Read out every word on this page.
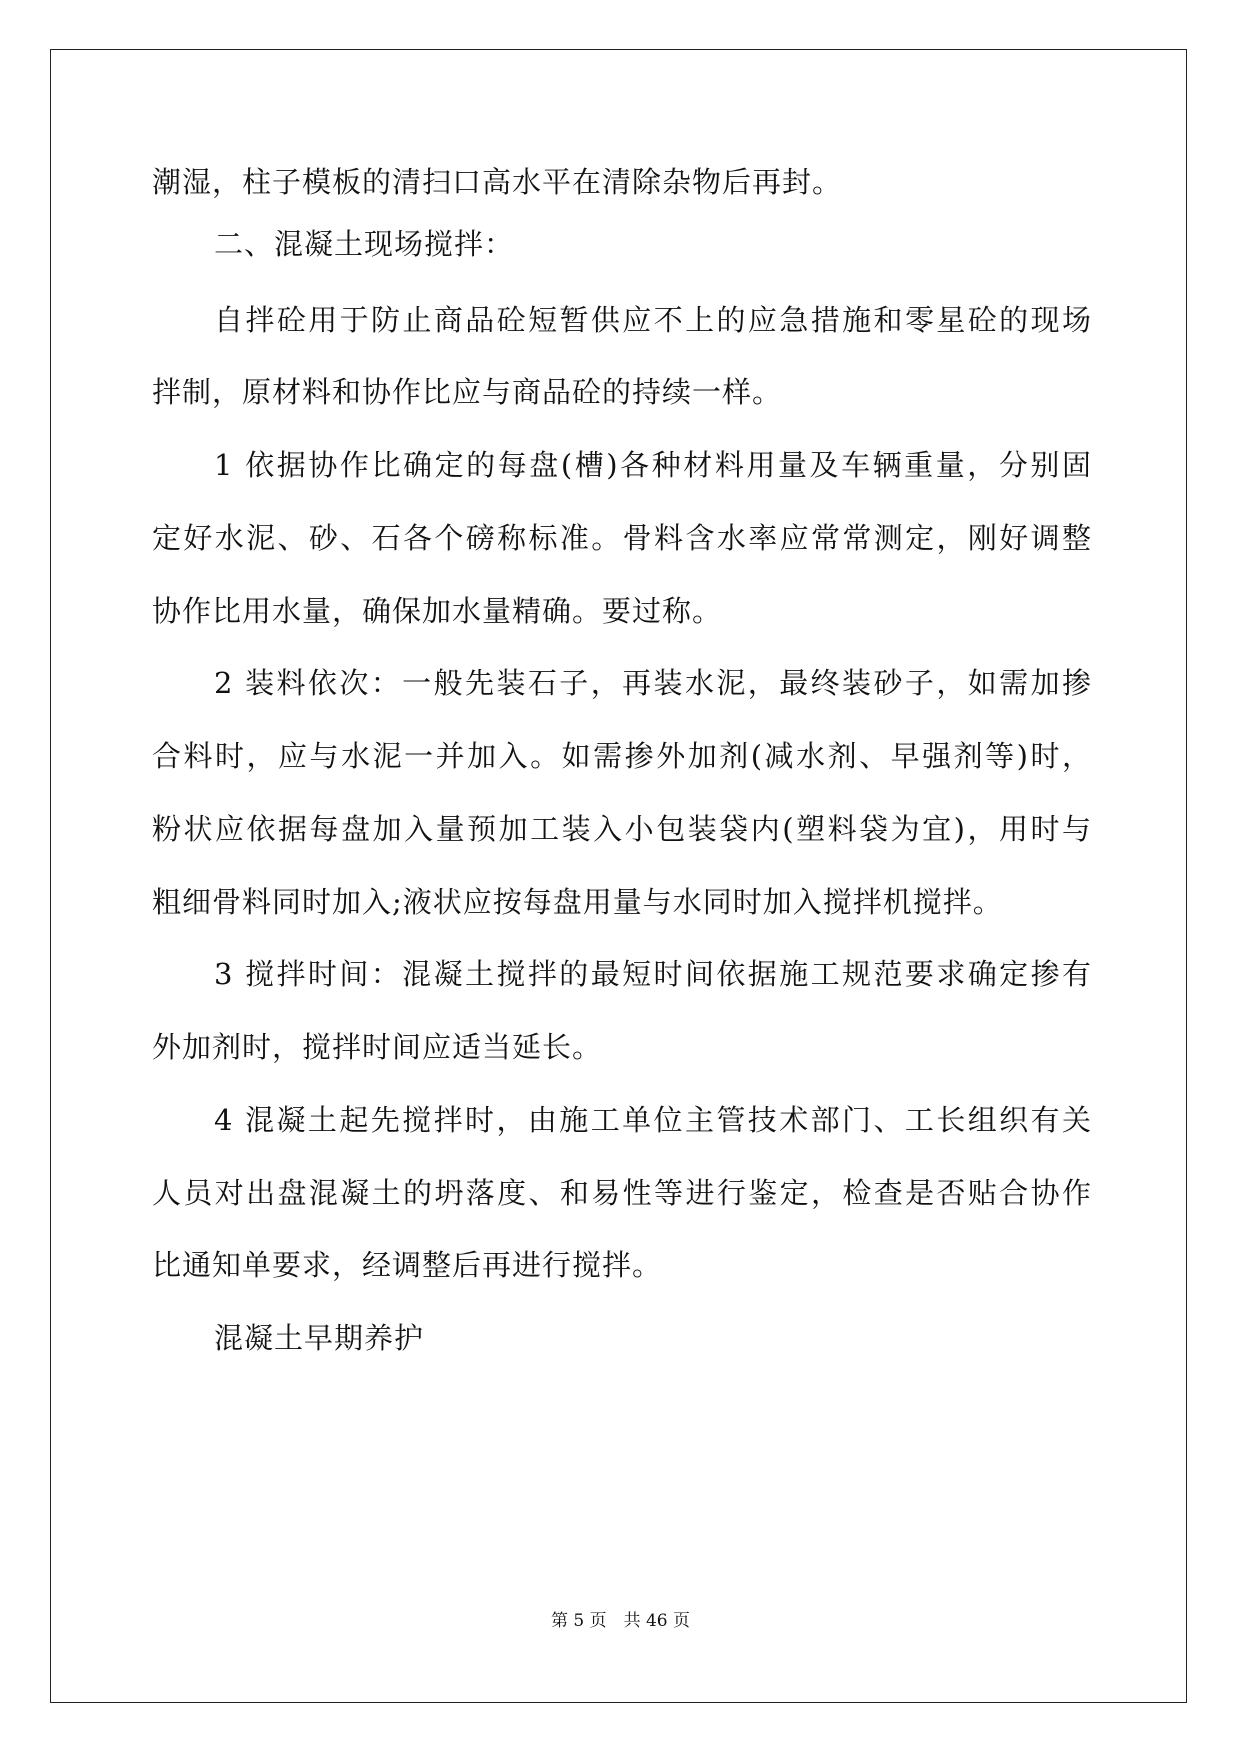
潮湿，柱子模板的清扫口高水平在清除杂物后再封。
二、混凝土现场搅拌：
自拌砼用于防止商品砼短暂供应不上的应急措施和零星砼的现场
拌制，原材料和协作比应与商品砼的持续一样。
1 依据协作比确定的每盘(槽)各种材料用量及车辆重量，分别固
定好水泥、砂、石各个磅称标准。骨料含水率应常常测定，刚好调整
协作比用水量，确保加水量精确。要过称。
2 装料依次：一般先装石子，再装水泥，最终装砂子，如需加掺
合料时，应与水泥一并加入。如需掺外加剂(减水剂、早强剂等)时，
粉状应依据每盘加入量预加工装入小包装袋内(塑料袋为宜)，用时与
粗细骨料同时加入;液状应按每盘用量与水同时加入搅拌机搅拌。
3 搅拌时间：混凝土搅拌的最短时间依据施工规范要求确定掺有
外加剂时，搅拌时间应适当延长。
4 混凝土起先搅拌时，由施工单位主管技术部门、工长组织有关
人员对出盘混凝土的坍落度、和易性等进行鉴定，检查是否贴合协作
比通知单要求，经调整后再进行搅拌。
混凝土早期养护
第 5 页　共 46 页
